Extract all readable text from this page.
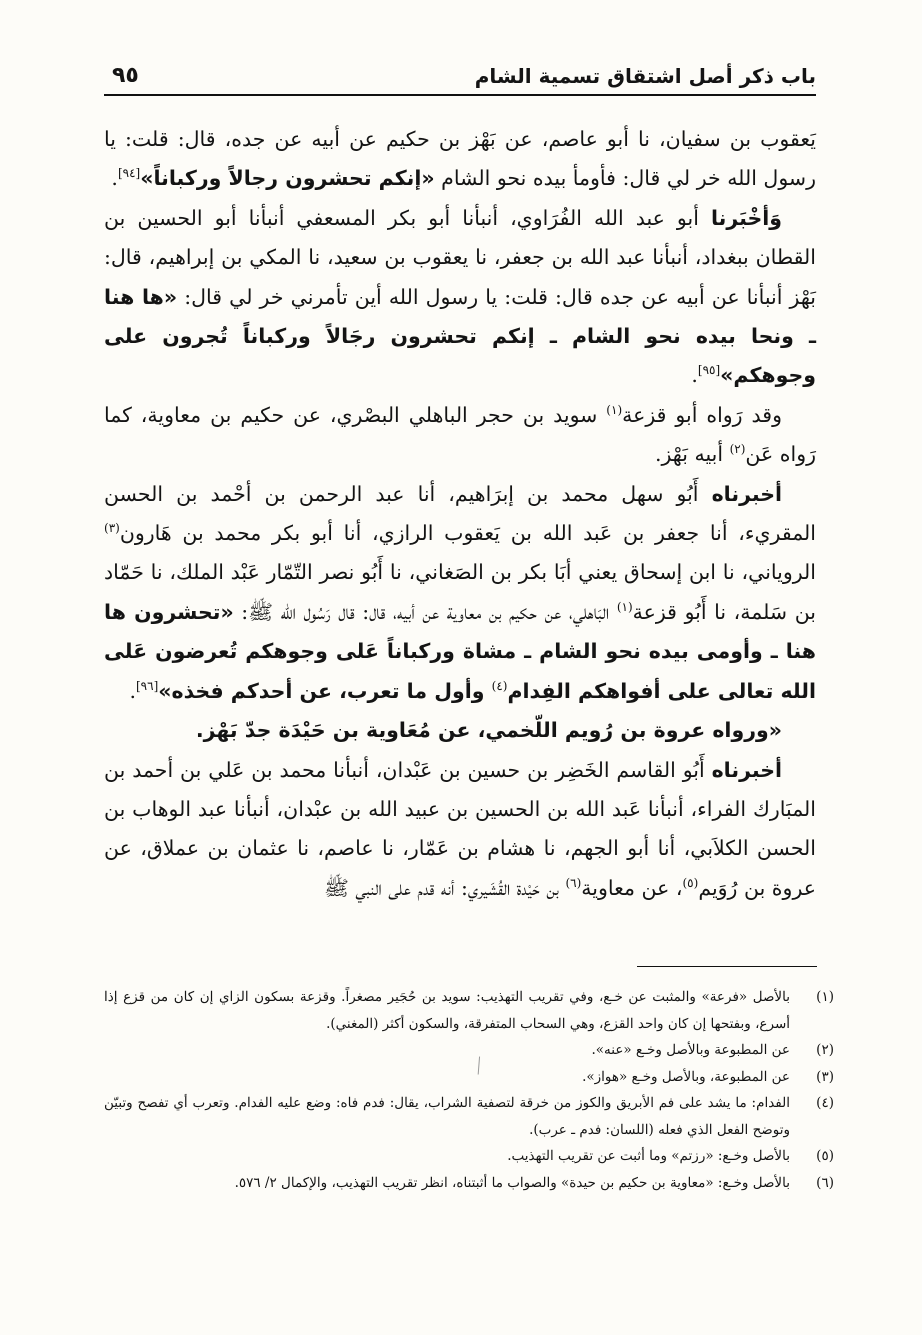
باب ذكر أصل اشتقاق تسمية الشام
٩٥

يَعقوب بن سفيان، نا أبو عاصم، عن بَهْز بن حكيم عن أبيه عن جده، قال: قلت: يا رسول الله خر لي قال: فأومأ بيده نحو الشام «إنكم تحشرون رجالاً وركباناً»[٩٤].

وَأخْبَرنا أبو عبد الله الفُرَاوي، أنبأنا أبو بكر المسعفي أنبأنا أبو الحسين بن القطان ببغداد، أنبأنا عبد الله بن جعفر، نا يعقوب بن سعيد، نا المكي بن إبراهيم، قال: بَهْز أنبأنا عن أبيه عن جده قال: قلت: يا رسول الله أين تأمرني خر لي قال: «ها هنا ـ ونحا بيده نحو الشام ـ إنكم تحشرون رجَالاً وركباناً تُجرون على وجوهكم»[٩٥].

وقد رَواه أبو قزعة$^{(١)}$ سويد بن حجر الباهلي البصْري، عن حكيم بن معاوية، كما رَواه عَن$^{(٢)}$ أبيه بَهْز.

أخبرناه أَبُو سهل محمد بن إبرَاهيم، أنا عبد الرحمن بن أحْمد بن الحسن المقريء، أنا جعفر بن عَبد الله بن يَعقوب الرازي، أنا أبو بكر محمد بن هَارون$^{(٣)}$ الروياني، نا ابن إسحاق يعني أبَا بكر بن الصَغاني، نا أَبُو نصر التّمّار عَبْد الملك، نا حَمّاد بن سَلمة، نا أَبُو قزعة$^{(١)}$ البَاهلي، عن حكيم بن معاوية عن أبيه، قال: قال رَسُول الله ﷺ: «تحشرون ها هنا ـ وأومى بيده نحو الشام ـ مشاة وركباناً عَلى وجوهكم تُعرضون عَلى الله تعالى على أفواهكم الفِدام$^{(٤)}$ وأول ما تعرب، عن أحدكم فخذه»[٩٦].

«ورواه عروة بن رُويم اللّخمي، عن مُعَاوية بن حَيْدَة جدّ بَهْز.

أخبرناه أَبُو القاسم الخَضِر بن حسين بن عَبْدان، أنبأنا محمد بن عَلي بن أحمد بن المبَارك الفراء، أنبأنا عَبد الله بن الحسين بن عبيد الله بن عبْدان، أنبأنا عبد الوهاب بن الحسن الكلاَبي، أنا أبو الجهم، نا هشام بن عَمّار، نا عاصم، نا عثمان بن عملاق، عن عروة بن رُوَيم$^{(٥)}$، عن معاوية$^{(٦)}$ بن حَيْدة القُشَيري: أنه قدم على النبي ﷺ

(١)
بالأصل «فرعة» والمثبت عن خـع، وفي تقريب التهذيب: سويد بن حُجَير مصغراً. وقزعة بسكون الزاي إن كان من قزع إذا أسرع، وبفتحها إن كان واحد القزع، وهي السحاب المتفرقة، والسكون أكثر (المغني).
(٢)
عن المطبوعة وبالأصل وخـع «عنه».
(٣)
عن المطبوعة، وبالأصل وخـع «هواز».
(٤)
الفدام: ما يشد على فم الأبريق والكوز من خرقة لتصفية الشراب، يقال: فدم فاه: وضع عليه الفدام. وتعرب أي تفصح وتبيّن وتوضح الفعل الذي فعله (اللسان: فدم ـ عرب).
(٥)
بالأصل وخـع: «رزتم» وما أثبت عن تقريب التهذيب.
(٦)
بالأصل وخـع: «معاوية بن حكيم بن حيدة» والصواب ما أثبتناه، انظر تقريب التهذيب، والإكمال ٢/ ٥٧٦.
